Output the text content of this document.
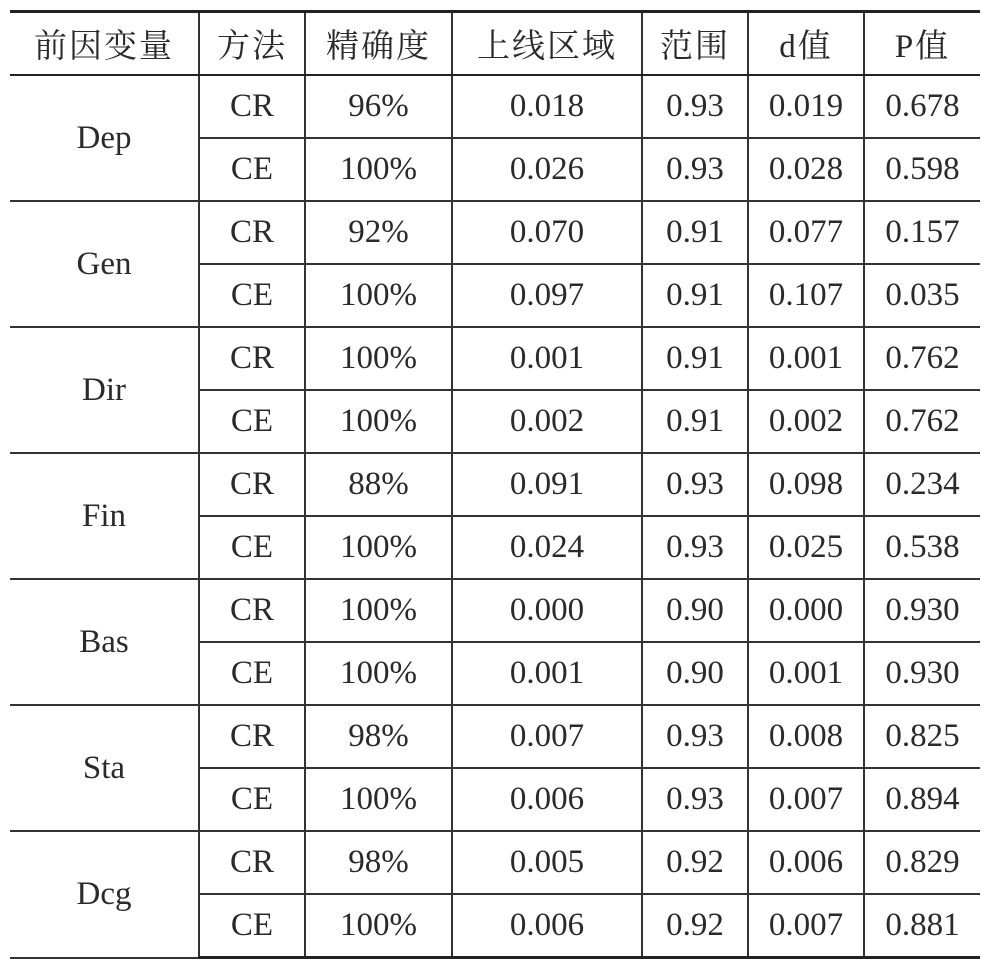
前因变量	方法	精确度	上线区域	范围	d值	P值
Dep	CR	96%	0.018	0.93	0.019	0.678
	CE	100%	0.026	0.93	0.028	0.598
Gen	CR	92%	0.070	0.91	0.077	0.157
	CE	100%	0.097	0.91	0.107	0.035
Dir	CR	100%	0.001	0.91	0.001	0.762
	CE	100%	0.002	0.91	0.002	0.762
Fin	CR	88%	0.091	0.93	0.098	0.234
	CE	100%	0.024	0.93	0.025	0.538
Bas	CR	100%	0.000	0.90	0.000	0.930
	CE	100%	0.001	0.90	0.001	0.930
Sta	CR	98%	0.007	0.93	0.008	0.825
	CE	100%	0.006	0.93	0.007	0.894
Dcg	CR	98%	0.005	0.92	0.006	0.829
	CE	100%	0.006	0.92	0.007	0.881
